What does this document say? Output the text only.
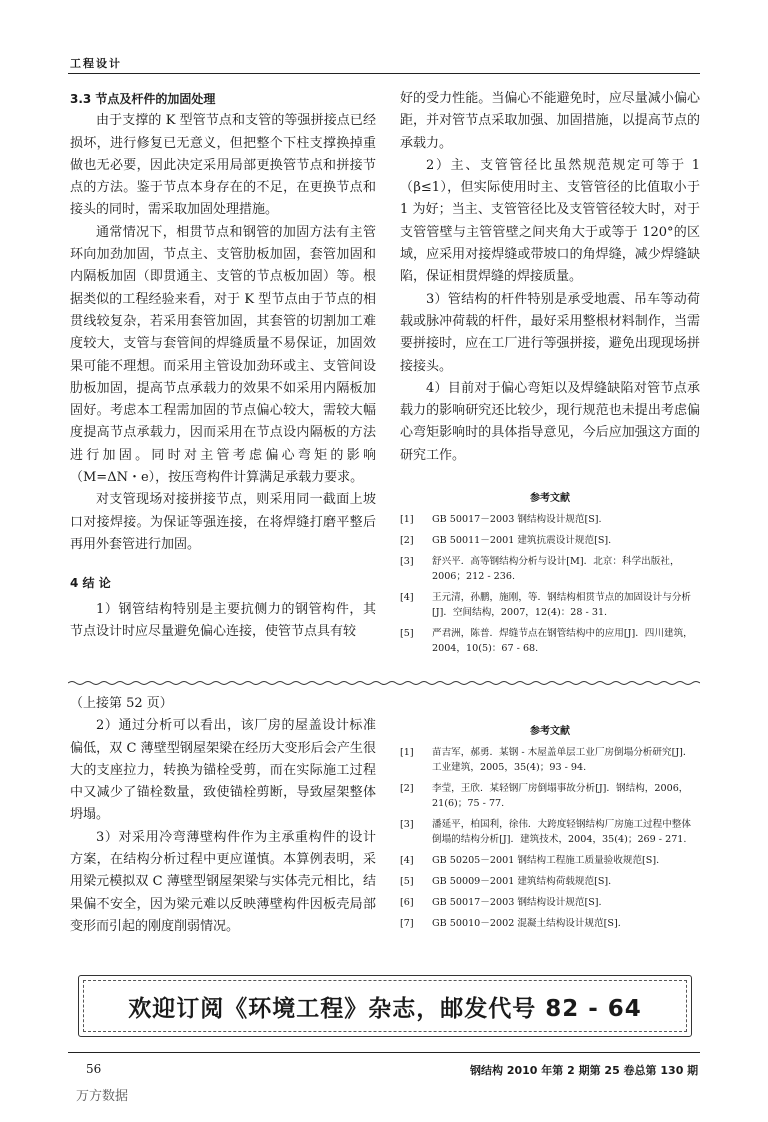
工程设计

3.3 节点及杆件的加固处理

由于支撑的 K 型管节点和支管的等强拼接点已经损坏，进行修复已无意义，但把整个下柱支撑换掉重做也无必要，因此决定采用局部更换管节点和拼接节点的方法。鉴于节点本身存在的不足，在更换节点和接头的同时，需采取加固处理措施。

通常情况下，相贯节点和钢管的加固方法有主管环向加劲加固，节点主、支管肋板加固，套管加固和内隔板加固（即贯通主、支管的节点板加固）等。根据类似的工程经验来看，对于 K 型节点由于节点的相贯线较复杂，若采用套管加固，其套管的切割加工难度较大，支管与套管间的焊缝质量不易保证，加固效果可能不理想。而采用主管设加劲环或主、支管间设肋板加固，提高节点承载力的效果不如采用内隔板加固好。考虑本工程需加固的节点偏心较大，需较大幅度提高节点承载力，因而采用在节点设内隔板的方法进行加固。同时对主管考虑偏心弯矩的影响（M=ΔN・e），按压弯构件计算满足承载力要求。

对支管现场对接拼接节点，则采用同一截面上坡口对接焊接。为保证等强连接，在将焊缝打磨平整后再用外套管进行加固。

4 结 论

1）钢管结构特别是主要抗侧力的钢管构件，其节点设计时应尽量避免偏心连接，使管节点具有较

好的受力性能。当偏心不能避免时，应尽量减小偏心距，并对管节点采取加强、加固措施，以提高节点的承载力。

2）主、支管管径比虽然规范规定可等于 1（β≤1），但实际使用时主、支管管径的比值取小于 1 为好；当主、支管管径比及支管管径较大时，对于支管管壁与主管管壁之间夹角大于或等于 120°的区域，应采用对接焊缝或带坡口的角焊缝，减少焊缝缺陷，保证相贯焊缝的焊接质量。

3）管结构的杆件特别是承受地震、吊车等动荷载或脉冲荷载的杆件，最好采用整根材料制作，当需要拼接时，应在工厂进行等强拼接，避免出现现场拼接接头。

4）目前对于偏心弯矩以及焊缝缺陷对管节点承载力的影响研究还比较少，现行规范也未提出考虑偏心弯矩影响时的具体指导意见，今后应加强这方面的研究工作。

参考文献
[1]	GB 50017－2003 钢结构设计规范[S].
[2]	GB 50011－2001 建筑抗震设计规范[S].
[3]	舒兴平．高等钢结构分析与设计[M]．北京：科学出版社，2006；212 - 236.
[4]	王元清，孙鹏，施刚，等．钢结构相贯节点的加固设计与分析[J]．空间结构，2007，12(4)：28 - 31.
[5]	严君洲，陈普．焊缝节点在钢管结构中的应用[J]．四川建筑，2004，10(5)：67 - 68.

（上接第 52 页）

2）通过分析可以看出，该厂房的屋盖设计标准偏低，双 C 薄壁型钢屋架梁在经历大变形后会产生很大的支座拉力，转换为锚栓受剪，而在实际施工过程中又减少了锚栓数量，致使锚栓剪断，导致屋架整体坍塌。

3）对采用冷弯薄壁构件作为主承重构件的设计方案，在结构分析过程中更应谨慎。本算例表明，采用梁元模拟双 C 薄壁型钢屋架梁与实体壳元相比，结果偏不安全，因为梁元难以反映薄壁构件因板壳局部变形而引起的刚度削弱情况。

参考文献
[1]	苗吉军，郝勇．某钢 - 木屋盖单层工业厂房倒塌分析研究[J]．工业建筑，2005，35(4)；93 - 94.
[2]	李莹，王欣．某轻钢厂房倒塌事故分析[J]．钢结构，2006，21(6)；75 - 77.
[3]	潘延平，柏国利，徐伟．大跨度轻钢结构厂房施工过程中整体倒塌的结构分析[J]．建筑技术，2004，35(4)；269 - 271.
[4]	GB 50205－2001 钢结构工程施工质量验收规范[S].
[5]	GB 50009－2001 建筑结构荷载规范[S].
[6]	GB 50017－2003 钢结构设计规范[S].
[7]	GB 50010－2002 混凝土结构设计规范[S].
欢迎订阅《环境工程》杂志，邮发代号 82 - 64
56	钢结构 2010 年第 2 期第 25 卷总第 130 期
万方数据
